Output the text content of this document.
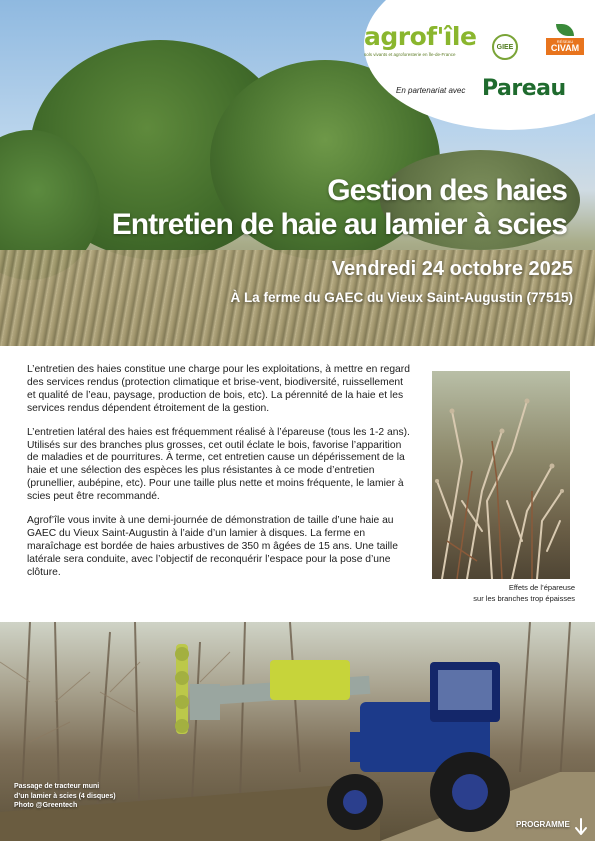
agrof'île
sols vivants et agroforesterie en Île-de-France
GIEE
RÉSEAU
CIVAM
En partenariat avec Pareau
Gestion des haies
Entretien de haie au lamier à scies
Vendredi 24 octobre 2025
À La ferme du GAEC du Vieux Saint-Augustin (77515)

L’entretien des haies constitue une charge pour les exploitations, à mettre en regard des services rendus (protection climatique et brise-vent, biodiversité, ruissellement et qualité de l’eau, paysage, production de bois, etc). La pérennité de la haie et les services rendus dépendent étroitement de la gestion.

L’entretien latéral des haies est fréquemment réalisé à l’épareuse (tous les 1-2 ans). Utilisés sur des branches plus grosses, cet outil éclate le bois, favorise l’apparition de maladies et de pourritures. À terme, cet entretien cause un dépérissement de la haie et une sélection des espèces les plus résistantes à ce mode d’entretien (prunellier, aubépine, etc). Pour une taille plus nette et moins fréquente, le lamier à scies peut être recommandé.

Agrof’île vous invite à une demi-journée de démonstration de taille d’une haie au GAEC du Vieux Saint-Augustin à l’aide d’un lamier à disques. La ferme en maraîchage est bordée de haies arbustives de 350 m âgées de 15 ans. Une taille latérale sera conduite, avec l’objectif de reconquérir l’espace pour la pose d’une clôture.

Effets de l’épareuse
sur les branches trop épaisses
Passage de tracteur muni
d’un lamier à scies (4 disques)
Photo @Greentech
PROGRAMME
